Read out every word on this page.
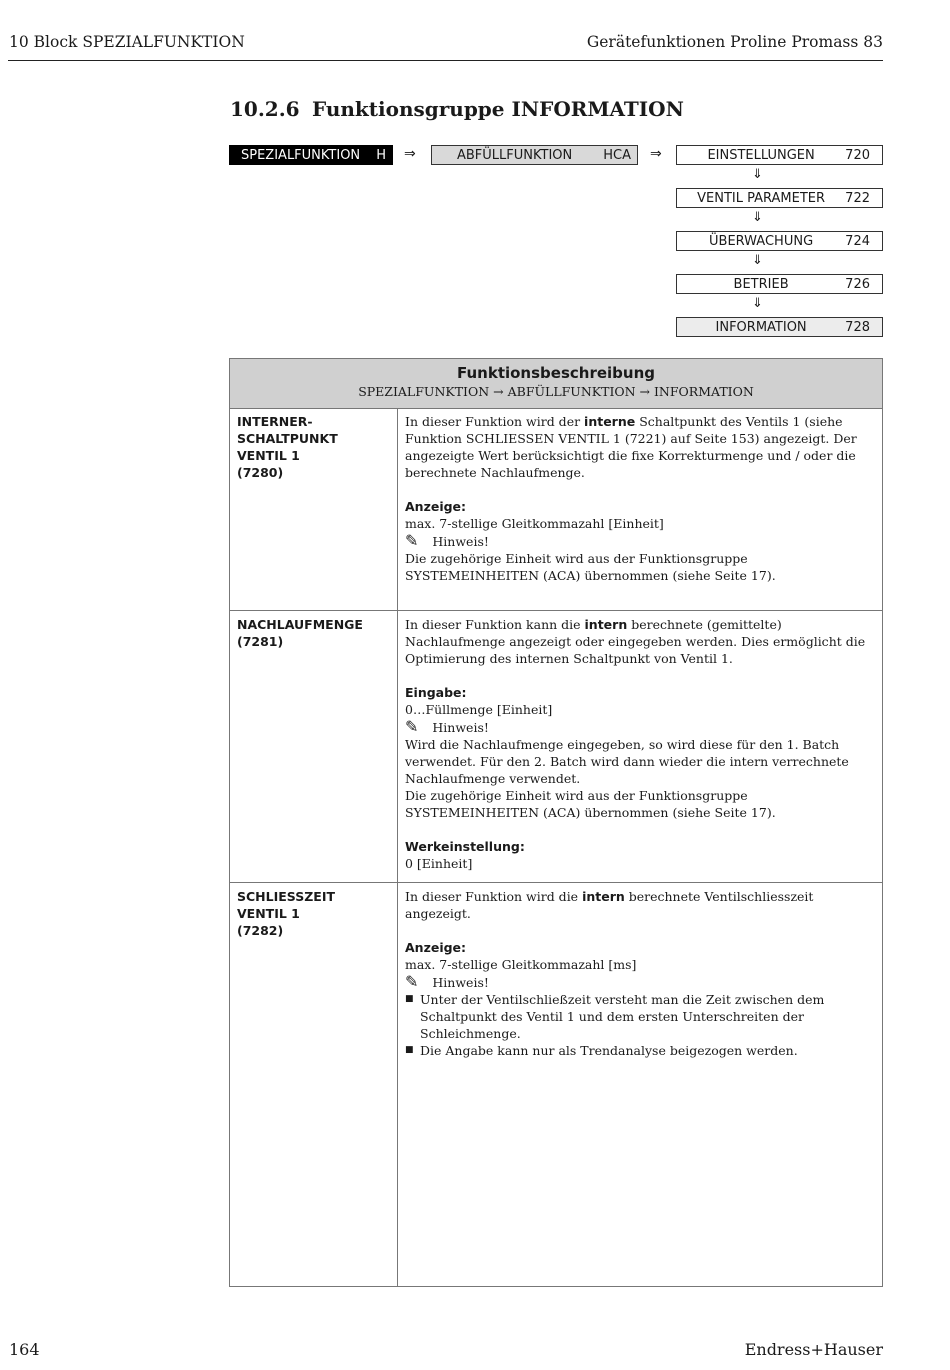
10 Block SPEZIALFUNKTION	Gerätefunktionen Proline Promass 83
10.2.6 Funktionsgruppe INFORMATION
SPEZIALFUNKTION	H ⇒	ABFÜLLFUNKTION	HCA ⇒	EINSTELLUNGEN	720
⇓
VENTIL PARAMETER	722
⇓
ÜBERWACHUNG	724
⇓
BETRIEB	726
⇓
INFORMATION	728
Funktionsbeschreibung
SPEZIALFUNKTION → ABFÜLLFUNKTION → INFORMATION
INTERNER-
SCHALTPUNKT
VENTIL 1
(7280)

In dieser Funktion wird der interne Schaltpunkt des Ventils 1 (siehe Funktion SCHLIESSEN VENTIL 1 (7221) auf Seite 153) angezeigt. Der angezeigte Wert berücksichtigt die fixe Korrekturmenge und / oder die berechnete Nachlaufmenge.

Anzeige:

max. 7-stellige Gleitkommazahl [Einheit]

✎ Hinweis!

Die zugehörige Einheit wird aus der Funktionsgruppe SYSTEMEINHEITEN (ACA) übernommen (siehe Seite 17).

NACHLAUFMENGE
(7281)

In dieser Funktion kann die intern berechnete (gemittelte) Nachlaufmenge angezeigt oder eingegeben werden. Dies ermöglicht die Optimierung des internen Schaltpunkt von Ventil 1.

Eingabe:

0…Füllmenge [Einheit]

✎ Hinweis!

Wird die Nachlaufmenge eingegeben, so wird diese für den 1. Batch verwendet. Für den 2. Batch wird dann wieder die intern verrechnete Nachlaufmenge verwendet.

Die zugehörige Einheit wird aus der Funktionsgruppe SYSTEMEINHEITEN (ACA) übernommen (siehe Seite 17).

Werkeinstellung:

0 [Einheit]

SCHLIESSZEIT
VENTIL 1
(7282)

In dieser Funktion wird die intern berechnete Ventilschliesszeit angezeigt.

Anzeige:

max. 7-stellige Gleitkommazahl [ms]

✎ Hinweis!

■ Unter der Ventilschließzeit versteht man die Zeit zwischen dem Schaltpunkt des Ventil 1 und dem ersten Unterschreiten der Schleichmenge.

■ Die Angabe kann nur als Trendanalyse beigezogen werden.

164	Endress+Hauser
